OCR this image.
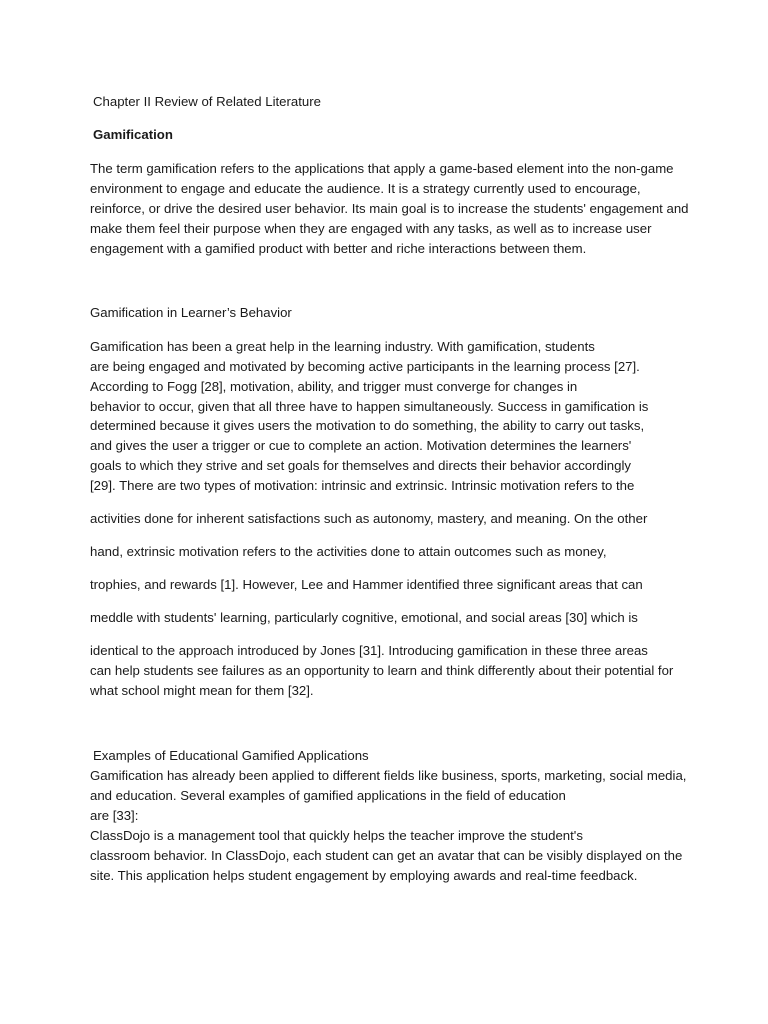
Chapter II Review of Related Literature

Gamification

The term gamification refers to the applications that apply a game-based element into the non-game

environment to engage and educate the audience. It is a strategy currently used to encourage,

reinforce, or drive the desired user behavior. Its main goal is to increase the students' engagement and

make them feel their purpose when they are engaged with any tasks, as well as to increase user

engagement with a gamified product with better and riche interactions between them.

Gamification in Learner’s Behavior

Gamification has been a great help in the learning industry. With gamification, students

are being engaged and motivated by becoming active participants in the learning process [27].

According to Fogg [28], motivation, ability, and trigger must converge for changes in

behavior to occur, given that all three have to happen simultaneously. Success in gamification is

determined because it gives users the motivation to do something, the ability to carry out tasks,

and gives the user a trigger or cue to complete an action. Motivation determines the learners'

goals to which they strive and set goals for themselves and directs their behavior accordingly

[29]. There are two types of motivation: intrinsic and extrinsic. Intrinsic motivation refers to the

activities done for inherent satisfactions such as autonomy, mastery, and meaning. On the other

hand, extrinsic motivation refers to the activities done to attain outcomes such as money,

trophies, and rewards [1]. However, Lee and Hammer identified three significant areas that can

meddle with students' learning, particularly cognitive, emotional, and social areas [30] which is

identical to the approach introduced by Jones [31]. Introducing gamification in these three areas

can help students see failures as an opportunity to learn and think differently about their potential for

what school might mean for them [32].

Examples of Educational Gamified Applications

Gamification has already been applied to different fields like business, sports, marketing, social media,

and education. Several examples of gamified applications in the field of education

are [33]:

ClassDojo is a management tool that quickly helps the teacher improve the student's

classroom behavior. In ClassDojo, each student can get an avatar that can be visibly displayed on the

site. This application helps student engagement by employing awards and real-time feedback.
